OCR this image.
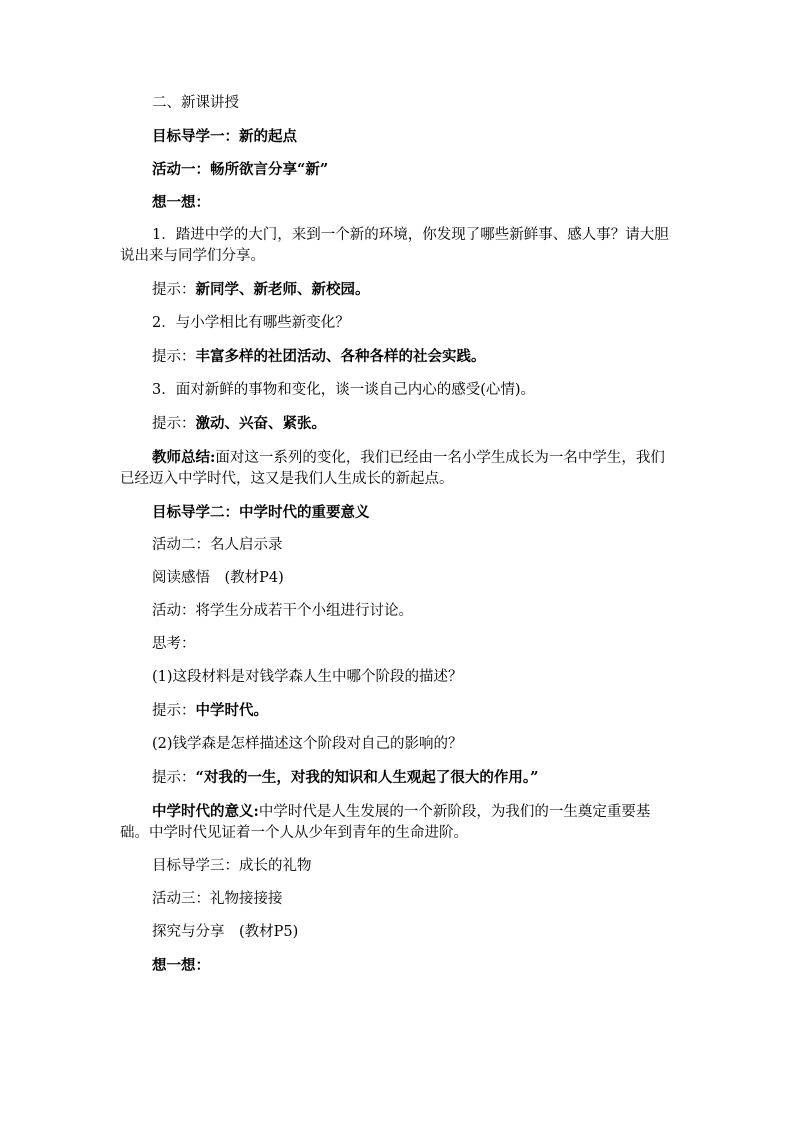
二、新课讲授

目标导学一：新的起点

活动一：畅所欲言分享“新”

想一想：

1．踏进中学的大门，来到一个新的环境，你发现了哪些新鲜事、感人事？请大胆说出来与同学们分享。

提示：新同学、新老师、新校园。

2．与小学相比有哪些新变化？

提示：丰富多样的社团活动、各种各样的社会实践。

3．面对新鲜的事物和变化，谈一谈自己内心的感受(心情)。

提示：激动、兴奋、紧张。

教师总结:面对这一系列的变化，我们已经由一名小学生成长为一名中学生，我们已经迈入中学时代，这又是我们人生成长的新起点。

目标导学二：中学时代的重要意义

活动二：名人启示录

阅读感悟　(教材P4)

活动：将学生分成若干个小组进行讨论。

思考：

(1)这段材料是对钱学森人生中哪个阶段的描述？

提示：中学时代。

(2)钱学森是怎样描述这个阶段对自己的影响的？

提示：“对我的一生，对我的知识和人生观起了很大的作用。”

中学时代的意义:中学时代是人生发展的一个新阶段，为我们的一生奠定重要基础。中学时代见证着一个人从少年到青年的生命进阶。

目标导学三：成长的礼物

活动三：礼物接接接

探究与分享　(教材P5)

想一想：
